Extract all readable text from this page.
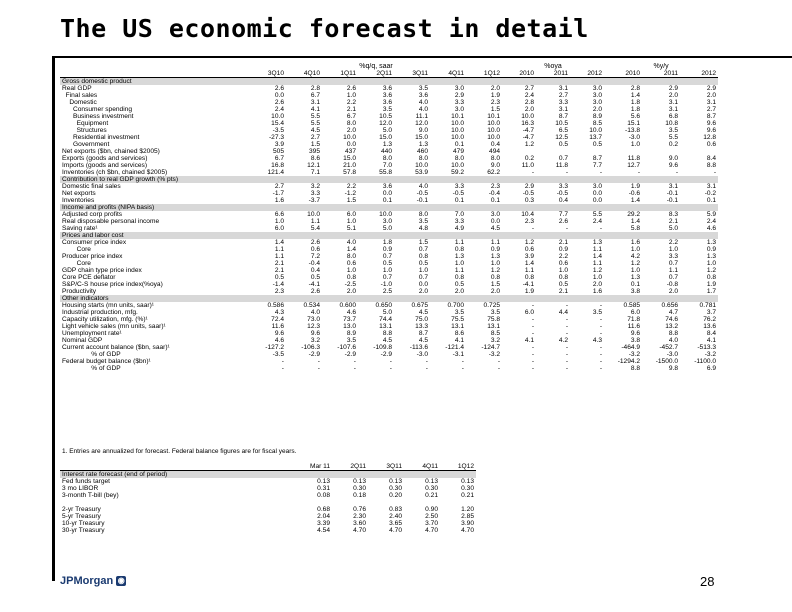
The US economic forecast in detail
	%q/q, saar							%oya			%y/y		
	3Q10	4Q10	1Q11	2Q11	3Q11	4Q11	1Q12	2010	2011	2012	2010	2011	2012
Gross domestic product													
Real GDP	2.6	2.8	2.6	3.6	3.5	3.0	2.0	2.7	3.1	3.0	2.8	2.9	2.9
Final sales	0.0	6.7	1.0	3.6	3.6	2.9	1.9	2.4	2.7	3.0	1.4	2.0	2.0
Domestic	2.6	3.1	2.2	3.6	4.0	3.3	2.3	2.8	3.3	3.0	1.8	3.1	3.1
Consumer spending	2.4	4.1	2.1	3.5	4.0	3.0	1.5	2.0	3.1	2.0	1.8	3.1	2.7
Business investment	10.0	5.5	6.7	10.5	11.1	10.1	10.1	10.0	8.7	8.9	5.6	6.8	8.7
Equipment	15.4	5.5	8.0	12.0	12.0	10.0	10.0	16.3	10.5	8.5	15.1	10.8	9.6
Structures	-3.5	4.5	2.0	5.0	9.0	10.0	10.0	-4.7	6.5	10.0	-13.8	3.5	9.6
Residential investment	-27.3	2.7	10.0	15.0	15.0	10.0	10.0	-4.7	12.5	13.7	-3.0	5.5	12.8
Government	3.9	1.5	0.0	1.3	1.3	0.1	0.4	1.2	0.5	0.5	1.0	0.2	0.6
Net exports ($bn, chained $2005)	505	395	437	440	460	479	494						
Exports (goods and services)	6.7	8.6	15.0	8.0	8.0	8.0	8.0	0.2	0.7	8.7	11.8	9.0	8.4
Imports (goods and services)	16.8	12.1	21.0	7.0	10.0	10.0	9.0	11.0	11.8	7.7	12.7	9.6	8.8
Inventories (ch $bn, chained $2005)	121.4	7.1	57.8	55.8	53.9	59.2	62.2	-	-	-	-	-	-
Contribution to real GDP growth (% pts)													
Domestic final sales	2.7	3.2	2.2	3.6	4.0	3.3	2.3	2.9	3.3	3.0	1.9	3.1	3.1
Net exports	-1.7	3.3	-1.2	0.0	-0.5	-0.5	-0.4	-0.5	-0.5	0.0	-0.6	-0.1	-0.2
Inventories	1.6	-3.7	1.5	0.1	-0.1	0.1	0.1	0.3	0.4	0.0	1.4	-0.1	0.1
Income and profits (NIPA basis)													
Adjusted corp profits	6.6	10.0	6.0	10.0	8.0	7.0	3.0	10.4	7.7	5.5	29.2	8.3	5.9
Real disposable personal income	1.0	1.1	1.0	3.0	3.5	3.3	0.0	2.3	2.6	2.4	1.4	2.1	2.4
Saving rate¹	6.0	5.4	5.1	5.0	4.8	4.9	4.5	-	-	-	5.8	5.0	4.6
Prices and labor cost													
Consumer price index	1.4	2.6	4.0	1.8	1.5	1.1	1.1	1.2	2.1	1.3	1.6	2.2	1.3
Core	1.1	0.6	1.4	0.9	0.7	0.8	0.9	0.6	0.9	1.1	1.0	1.0	0.9
Producer price index	1.1	7.2	8.0	0.7	0.8	1.3	1.3	3.9	2.2	1.4	4.2	3.3	1.3
Core	2.1	-0.4	0.6	0.5	0.5	1.0	1.0	1.4	0.6	1.1	1.2	0.7	1.0
GDP chain type price index	2.1	0.4	1.0	1.0	1.0	1.1	1.2	1.1	1.0	1.2	1.0	1.1	1.2
Core PCE deflator	0.5	0.5	0.8	0.7	0.7	0.8	0.8	0.8	0.8	1.0	1.3	0.7	0.8
S&P/C-S house price index(%oya)	-1.4	-4.1	-2.5	-1.0	0.0	0.5	1.5	-4.1	0.5	2.0	0.1	-0.8	1.9
Productivity	2.3	2.6	2.0	2.5	2.0	2.0	2.0	1.9	2.1	1.6	3.8	2.0	1.7
Other indicators													
Housing starts (mn units, saar)¹	0.586	0.534	0.600	0.650	0.675	0.700	0.725	-	-	-	0.585	0.656	0.781
Industrial production, mfg.	4.3	4.0	4.6	5.0	4.5	3.5	3.5	6.0	4.4	3.5	6.0	4.7	3.7
Capacity utilization, mfg. (%)¹	72.4	73.0	73.7	74.4	75.0	75.5	75.8	-	-	-	71.8	74.6	76.2
Light vehicle sales (mn units, saar)¹	11.6	12.3	13.0	13.1	13.3	13.1	13.1	-	-	-	11.6	13.2	13.6
Unemployment rate¹	9.6	9.6	8.9	8.8	8.7	8.6	8.5	-	-	-	9.6	8.8	8.4
Nominal GDP	4.6	3.2	3.5	4.5	4.5	4.1	3.2	4.1	4.2	4.3	3.8	4.0	4.1
Current account balance ($bn, saar)¹	-127.2	-106.3	-107.6	-109.8	-113.6	-121.4	-124.7	-	-	-	-464.9	-452.7	-513.3
% of GDP	-3.5	-2.9	-2.9	-2.9	-3.0	-3.1	-3.2	-	-	-	-3.2	-3.0	-3.2
Federal budget balance ($bn)¹	-	-	-	-	-	-	-	-	-	-	-1294.2	-1500.0	-1100.0
% of GDP	-	-	-	-	-	-	-	-	-	-	8.8	9.8	6.9
1. Entries are annualized for forecast. Federal balance figures are for fiscal years.
	Mar 11	2Q11	3Q11	4Q11	1Q12
Interest rate forecast (end of period)					
Fed funds target	0.13	0.13	0.13	0.13	0.13
3 mo LIBOR	0.31	0.30	0.30	0.30	0.30
3-month T-bill (bey)	0.08	0.18	0.20	0.21	0.21

2-yr Treasury	0.68	0.76	0.83	0.90	1.20
5-yr Treasury	2.04	2.30	2.40	2.50	2.85
10-yr Treasury	3.39	3.60	3.65	3.70	3.90
30-yr Treasury	4.54	4.70	4.70	4.70	4.70
JPMorgan ◉	28
